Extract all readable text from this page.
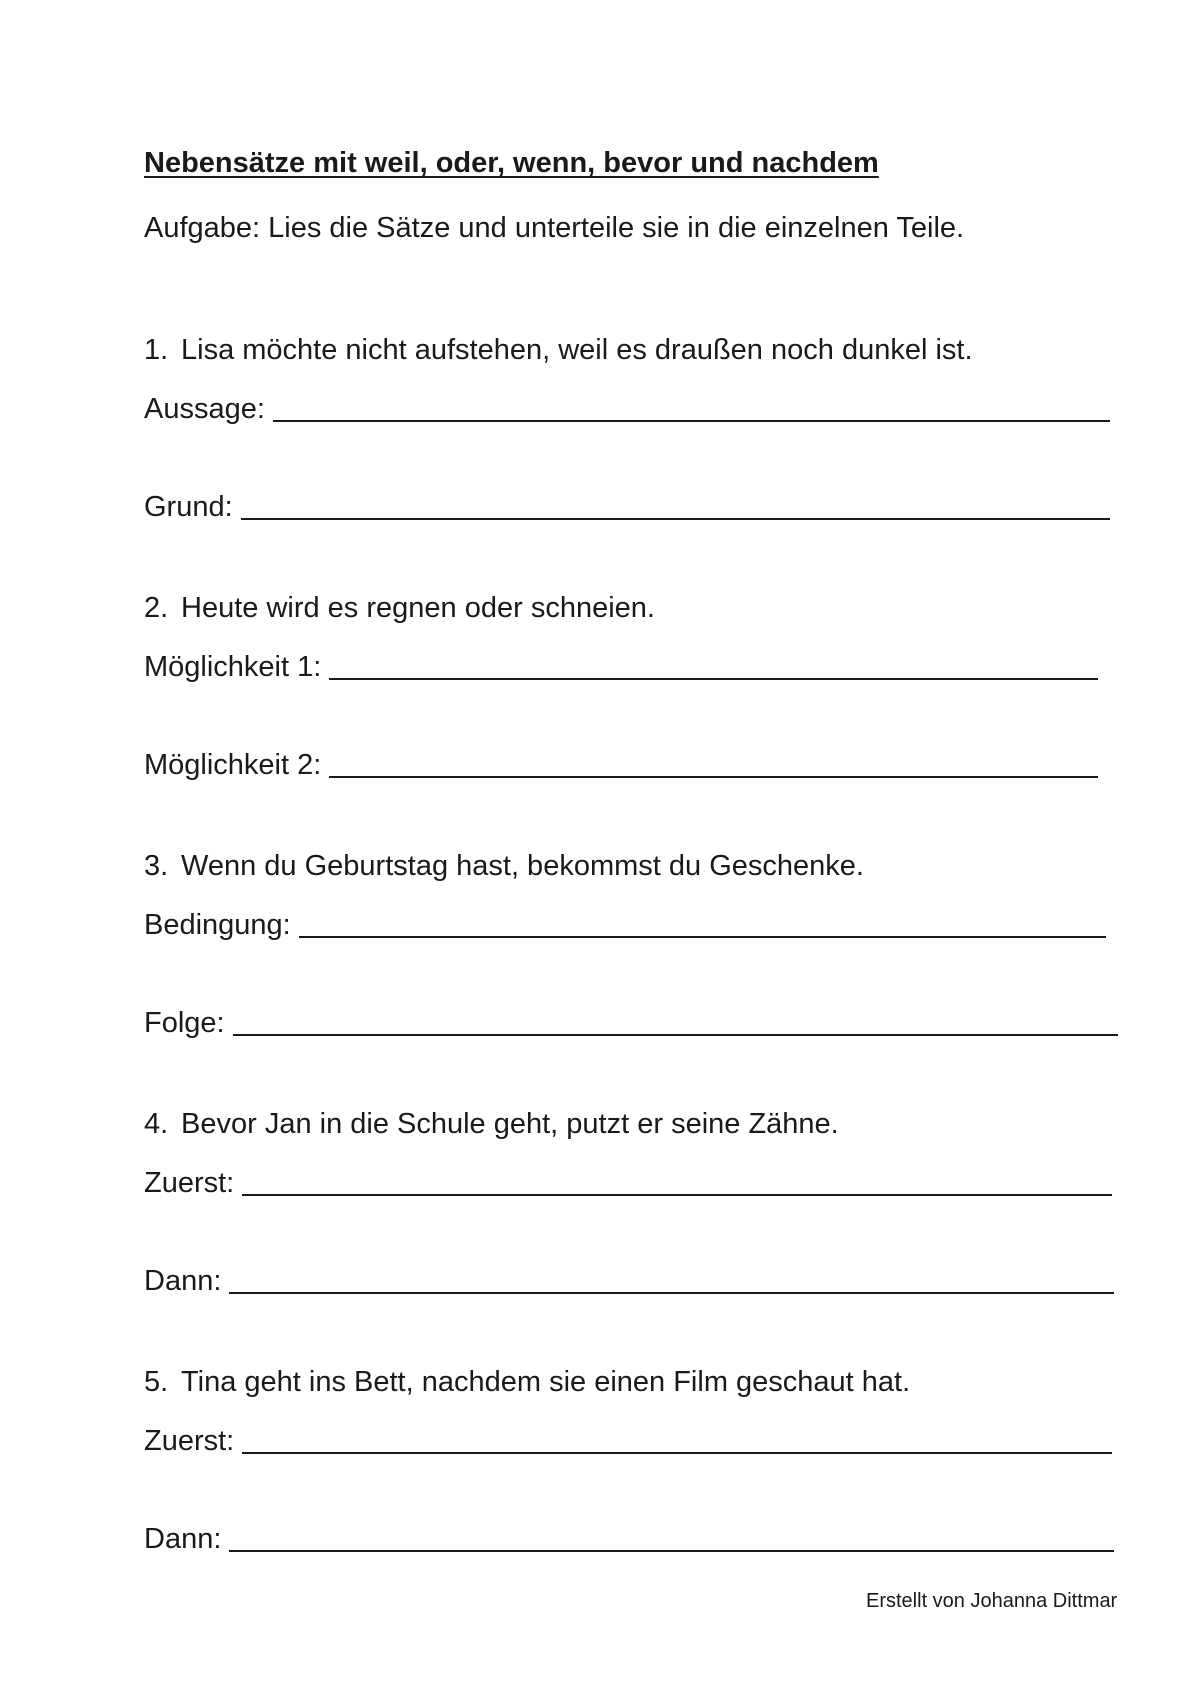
Nebensätze mit weil, oder, wenn, bevor und nachdem
Aufgabe: Lies die Sätze und unterteile sie in die einzelnen Teile.
1. Lisa möchte nicht aufstehen, weil es draußen noch dunkel ist.
Aussage:
Grund:
2. Heute wird es regnen oder schneien.
Möglichkeit 1:
Möglichkeit 2:
3. Wenn du Geburtstag hast, bekommst du Geschenke.
Bedingung:
Folge:
4. Bevor Jan in die Schule geht, putzt er seine Zähne.
Zuerst:
Dann:
5. Tina geht ins Bett, nachdem sie einen Film geschaut hat.
Zuerst:
Dann:
Erstellt von Johanna Dittmar
